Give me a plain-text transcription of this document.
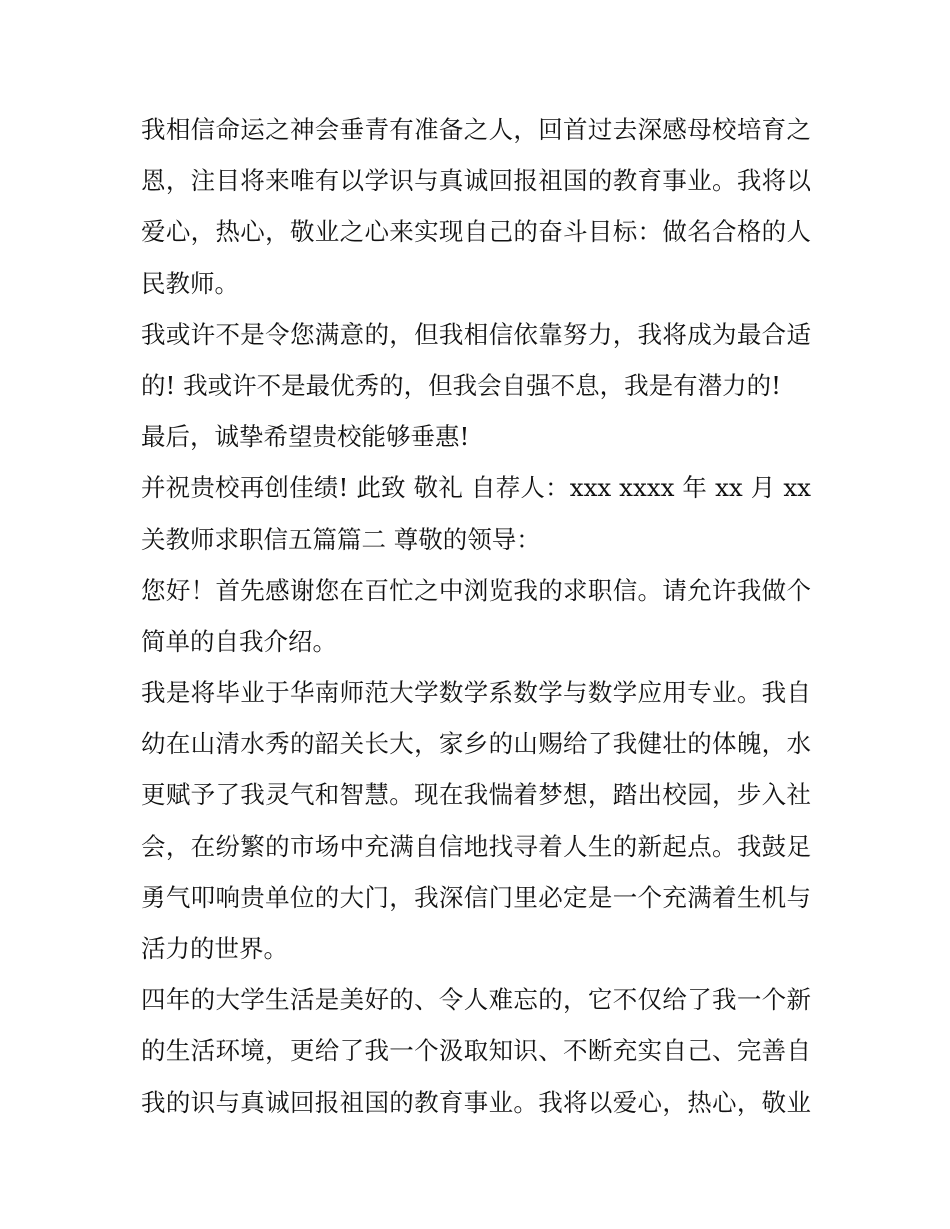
我相信命运之神会垂青有准备之人，回首过去深感母校培育之
恩，注目将来唯有以学识与真诚回报祖国的教育事业。我将以
爱心，热心，敬业之心来实现自己的奋斗目标：做名合格的人
民教师。
我或许不是令您满意的，但我相信依靠努力，我将成为最合适
的! 我或许不是最优秀的，但我会自强不息，我是有潜力的!
最后，诚挚希望贵校能够垂惠!
并祝贵校再创佳绩! 此致 敬礼 自荐人：xxx xxxx 年 xx 月 xx
关教师求职信五篇篇二 尊敬的领导：
您好！首先感谢您在百忙之中浏览我的求职信。请允许我做个
简单的自我介绍。
我是将毕业于华南师范大学数学系数学与数学应用专业。我自
幼在山清水秀的韶关长大，家乡的山赐给了我健壮的体魄，水
更赋予了我灵气和智慧。现在我惴着梦想，踏出校园，步入社
会，在纷繁的市场中充满自信地找寻着人生的新起点。我鼓足
勇气叩响贵单位的大门，我深信门里必定是一个充满着生机与
活力的世界。
四年的大学生活是美好的、令人难忘的，它不仅给了我一个新
的生活环境，更给了我一个汲取知识、不断充实自己、完善自
我的识与真诚回报祖国的教育事业。我将以爱心，热心，敬业
